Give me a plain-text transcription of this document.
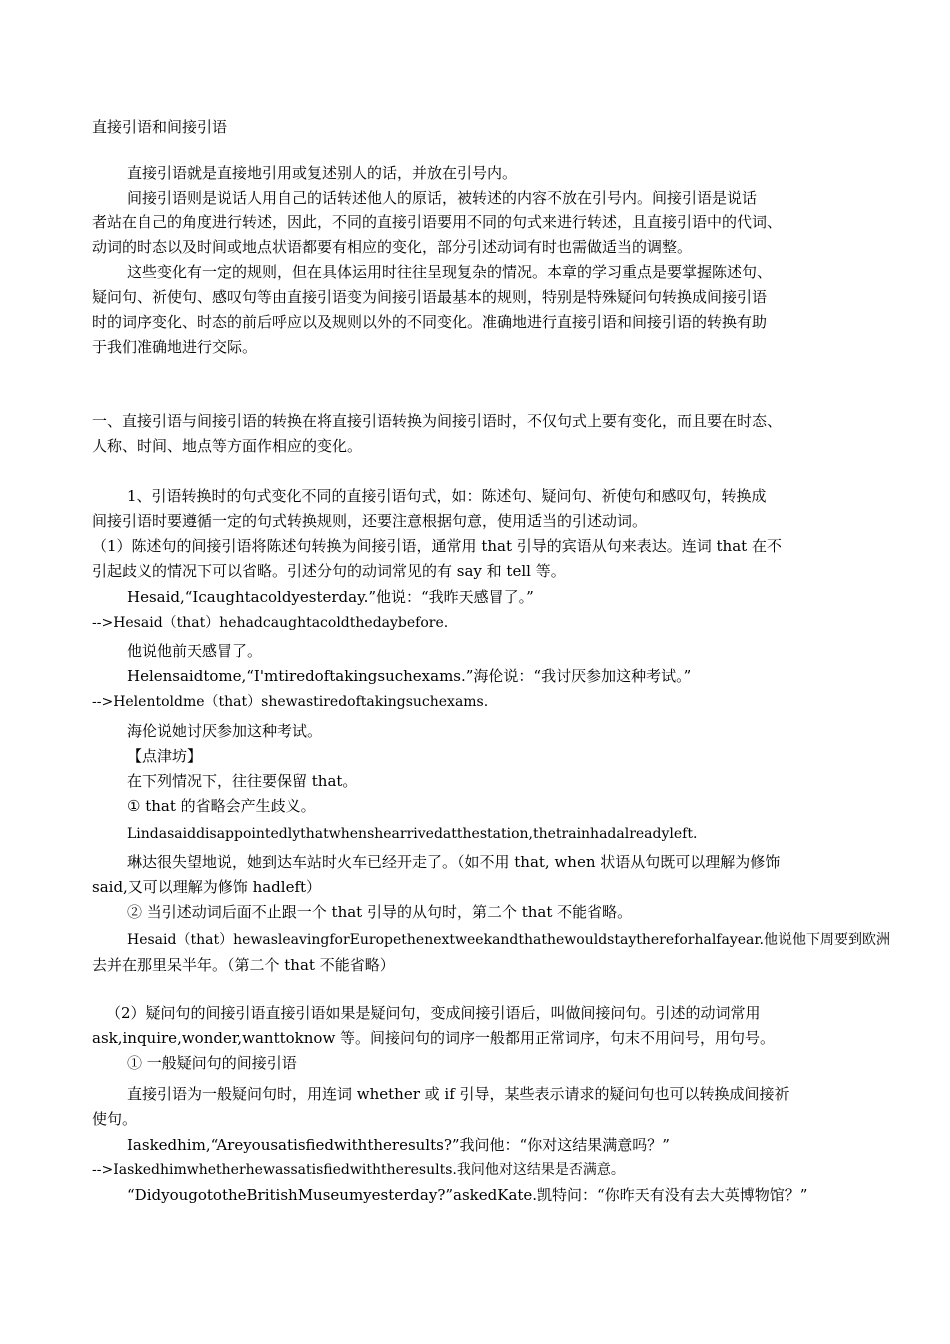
直接引语和间接引语
直接引语就是直接地引用或复述别人的话，并放在引号内。
间接引语则是说话人用自己的话转述他人的原话，被转述的内容不放在引号内。间接引语是说话
者站在自己的角度进行转述，因此，不同的直接引语要用不同的句式来进行转述，且直接引语中的代词、
动词的时态以及时间或地点状语都要有相应的变化，部分引述动词有时也需做适当的调整。
这些变化有一定的规则，但在具体运用时往往呈现复杂的情况。本章的学习重点是要掌握陈述句、
疑问句、祈使句、感叹句等由直接引语变为间接引语最基本的规则，特别是特殊疑问句转换成间接引语
时的词序变化、时态的前后呼应以及规则以外的不同变化。准确地进行直接引语和间接引语的转换有助
于我们准确地进行交际。
一、直接引语与间接引语的转换在将直接引语转换为间接引语时，不仅句式上要有变化，而且要在时态、
人称、时间、地点等方面作相应的变化。
1、引语转换时的句式变化不同的直接引语句式，如：陈述句、疑问句、祈使句和感叹句，转换成
间接引语时要遵循一定的句式转换规则，还要注意根据句意，使用适当的引述动词。
（1）陈述句的间接引语将陈述句转换为间接引语，通常用 that 引导的宾语从句来表达。连词 that 在不
引起歧义的情况下可以省略。引述分句的动词常见的有 say 和 tell 等。
Hesaid,“Icaughtacoldyesterday.”他说：“我昨天感冒了。”
-->Hesaid（that）hehadcaughtacoldthedaybefore.
他说他前天感冒了。
Helensaidtome,“I'mtiredoftakingsuchexams.”海伦说：“我讨厌参加这种考试。”
-->Helentoldme（that）shewastiredoftakingsuchexams.
海伦说她讨厌参加这种考试。
【点津坊】
在下列情况下，往往要保留 that。
① that 的省略会产生歧义。
Lindasaiddisappointedlythatwhenshearrivedatthestation,thetrainhadalreadyleft.
琳达很失望地说，她到达车站时火车已经开走了。（如不用 that, when 状语从句既可以理解为修饰
said,又可以理解为修饰 hadleft）
② 当引述动词后面不止跟一个 that 引导的从句时，第二个 that 不能省略。
Hesaid（that）hewasleavingforEuropethenextweekandthathewouldstaythereforhalfayear.他说他下周要到欧洲
去并在那里呆半年。（第二个 that 不能省略）
（2）疑问句的间接引语直接引语如果是疑问句，变成间接引语后，叫做间接问句。引述的动词常用
ask,inquire,wonder,wanttoknow 等。间接问句的词序一般都用正常词序，句末不用问号，用句号。
① 一般疑问句的间接引语
直接引语为一般疑问句时，用连词 whether 或 if 引导，某些表示请求的疑问句也可以转换成间接祈
使句。
Iaskedhim,“Areyousatisfiedwiththeresults?”我问他：“你对这结果满意吗？”
-->Iaskedhimwhetherhewassatisfiedwiththeresults.我问他对这结果是否满意。
“DidyougototheBritishMuseumyesterday?”askedKate.凯特问：“你昨天有没有去大英博物馆？”
